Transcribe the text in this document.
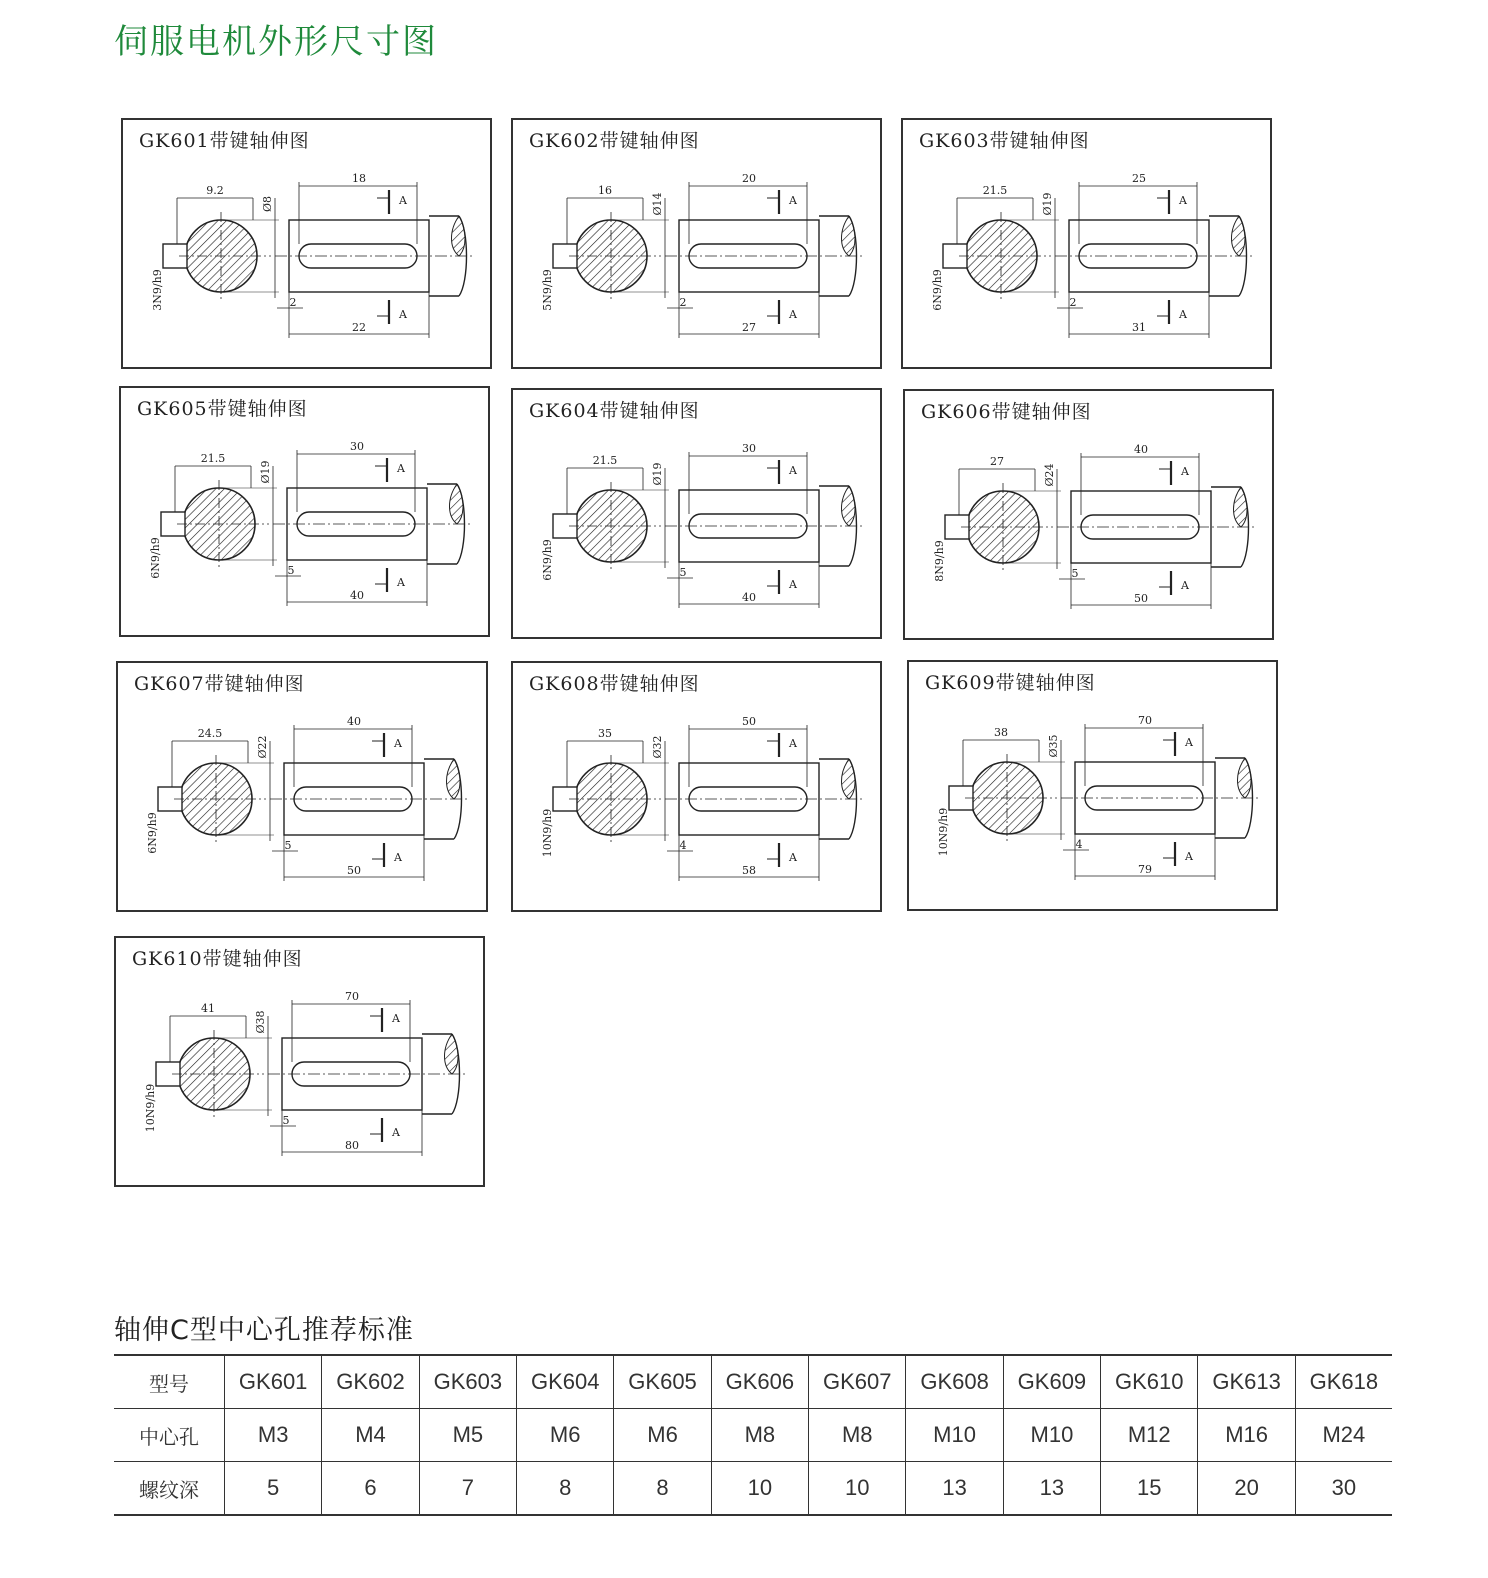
伺服电机外形尺寸图
GK601带键轴伸图
9.2
Ø8
3N9/h9
18
A
A
2
22
GK602带键轴伸图
16
Ø14
5N9/h9
20
A
A
2
27
GK603带键轴伸图
21.5
Ø19
6N9/h9
25
A
A
2
31
GK605带键轴伸图
21.5
Ø19
6N9/h9
30
A
A
5
40
GK604带键轴伸图
21.5
Ø19
6N9/h9
30
A
A
5
40
GK606带键轴伸图
27
Ø24
8N9/h9
40
A
A
5
50
GK607带键轴伸图
24.5
Ø22
6N9/h9
40
A
A
5
50
GK608带键轴伸图
35
Ø32
10N9/h9
50
A
A
4
58
GK609带键轴伸图
38
Ø35
10N9/h9
70
A
A
4
79
GK610带键轴伸图
41
Ø38
10N9/h9
70
A
A
5
80
轴伸C型中心孔推荐标准
型号	GK601	GK602	GK603	GK604	GK605	GK606	GK607	GK608	GK609	GK610	GK613	GK618
中心孔	M3	M4	M5	M6	M6	M8	M8	M10	M10	M12	M16	M24
螺纹深	5	6	7	8	8	10	10	13	13	15	20	30
